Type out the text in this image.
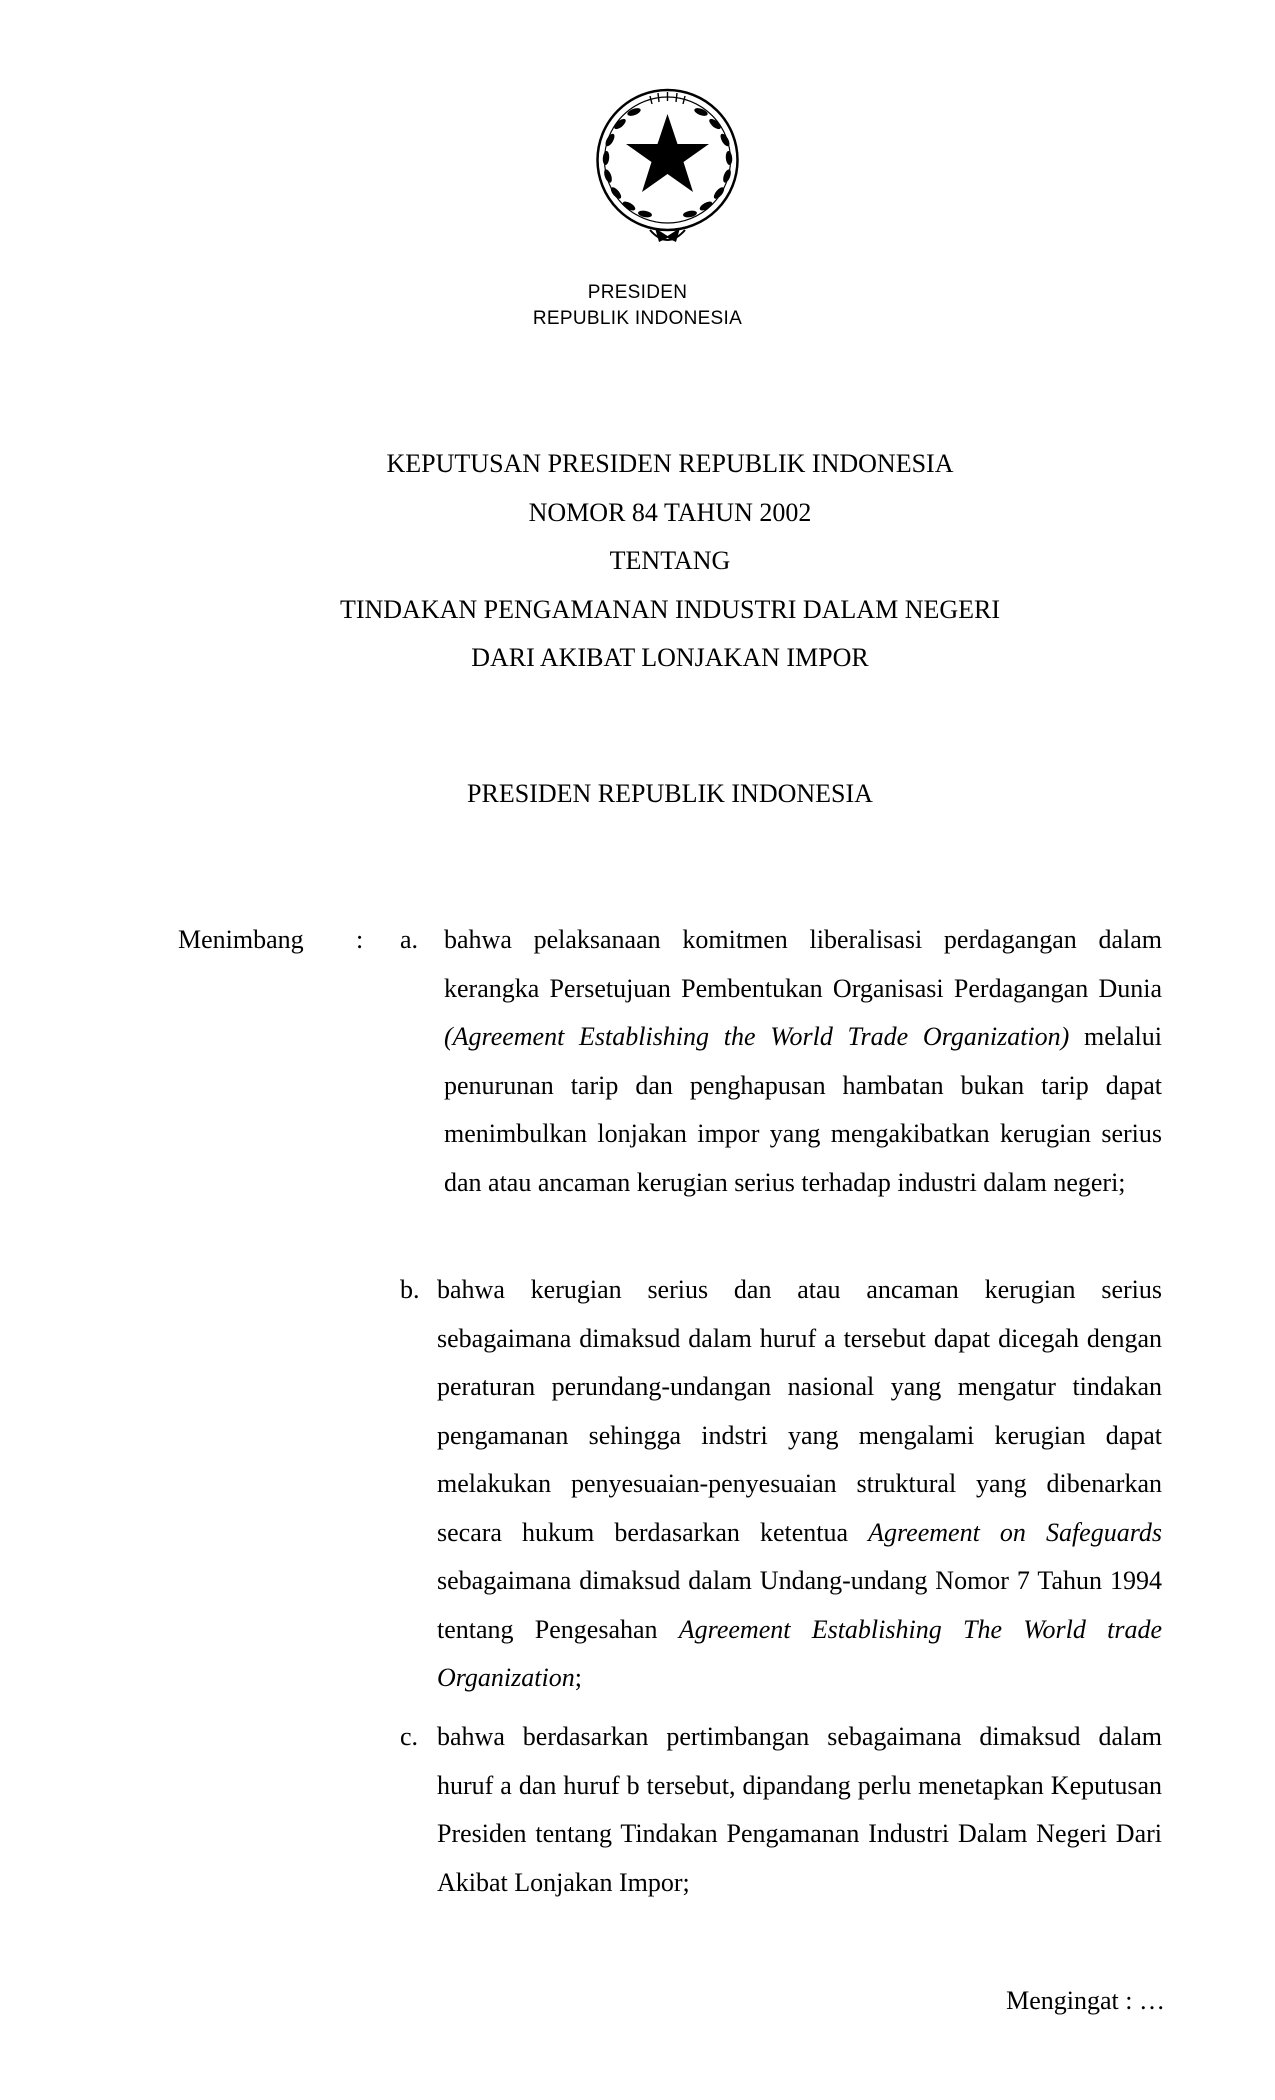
PRESIDEN
REPUBLIK INDONESIA
KEPUTUSAN PRESIDEN REPUBLIK INDONESIA
NOMOR 84 TAHUN 2002
TENTANG
TINDAKAN PENGAMANAN INDUSTRI DALAM NEGERI
DARI AKIBAT LONJAKAN IMPOR
PRESIDEN REPUBLIK INDONESIA
Menimbang : a. bahwa pelaksanaan komitmen liberalisasi perdagangan dalam kerangka Persetujuan Pembentukan Organisasi Perdagangan Dunia (Agreement Establishing the World Trade Organization) melalui penurunan tarip dan penghapusan hambatan bukan tarip dapat menimbulkan lonjakan impor yang mengakibatkan kerugian serius dan atau ancaman kerugian serius terhadap industri dalam negeri;
b. bahwa kerugian serius dan atau ancaman kerugian serius sebagaimana dimaksud dalam huruf a tersebut dapat dicegah dengan peraturan perundang-undangan nasional yang mengatur tindakan pengamanan sehingga indstri yang mengalami kerugian dapat melakukan penyesuaian-penyesuaian struktural yang dibenarkan secara hukum berdasarkan ketentua Agreement on Safeguards sebagaimana dimaksud dalam Undang-undang Nomor 7 Tahun 1994 tentang Pengesahan Agreement Establishing The World trade Organization;
c. bahwa berdasarkan pertimbangan sebagaimana dimaksud dalam huruf a dan huruf b tersebut, dipandang perlu menetapkan Keputusan Presiden tentang Tindakan Pengamanan Industri Dalam Negeri Dari Akibat Lonjakan Impor;
Mengingat : …
